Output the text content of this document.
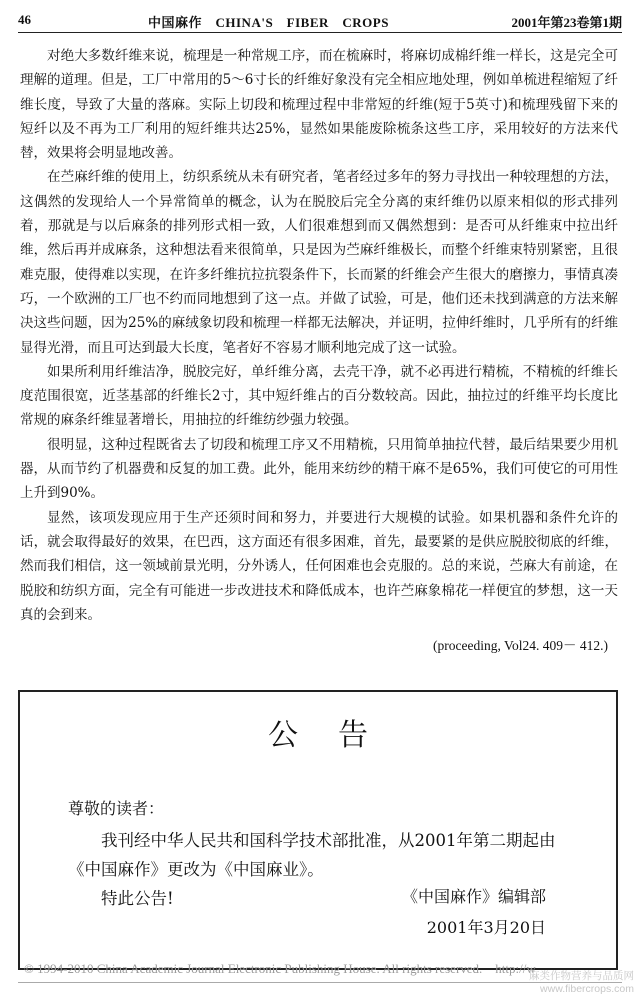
46	中国麻作　CHINA'S　FIBER　CROPS	2001年第23卷第1期

对绝大多数纤维来说，梳理是一种常规工序，而在梳麻时，将麻切成棉纤维一样长，这是完全可理解的道理。但是，工厂中常用的5～6寸长的纤维好象没有完全相应地处理，例如单梳进程缩短了纤维长度，导致了大量的落麻。实际上切段和梳理过程中非常短的纤维(短于5英寸)和梳理残留下来的短纤以及不再为工厂利用的短纤维共达25%，显然如果能废除梳条这些工序，采用较好的方法来代替，效果将会明显地改善。

在苎麻纤维的使用上，纺织系统从未有研究者，笔者经过多年的努力寻找出一种较理想的方法，这偶然的发现给人一个异常简单的概念，认为在脱胶后完全分离的束纤维仍以原来相似的形式排列着，那就是与以后麻条的排列形式相一致，人们很难想到而又偶然想到：是否可从纤维束中拉出纤维，然后再并成麻条，这种想法看来很简单，只是因为苎麻纤维极长，而整个纤维束特别紧密，且很难克服，使得难以实现，在许多纤维抗拉抗裂条件下，长而紧的纤维会产生很大的磨擦力，事情真凑巧，一个欧洲的工厂也不约而同地想到了这一点。并做了试验，可是，他们还未找到满意的方法来解决这些问题，因为25%的麻绒象切段和梳理一样都无法解决，并证明，拉伸纤维时，几乎所有的纤维显得光滑，而且可达到最大长度，笔者好不容易才顺利地完成了这一试验。

如果所利用纤维洁净，脱胶完好，单纤维分离，去壳干净，就不必再进行精梳，不精梳的纤维长度范围很宽，近茎基部的纤维长2寸，其中短纤维占的百分数较高。因此，抽拉过的纤维平均长度比常规的麻条纤维显著增长，用抽拉的纤维纺纱强力较强。

很明显，这种过程既省去了切段和梳理工序又不用精梳，只用简单抽拉代替，最后结果要少用机器，从而节约了机器费和反复的加工费。此外，能用来纺纱的精干麻不是65%，我们可使它的可用性上升到90%。

显然，该项发现应用于生产还须时间和努力，并要进行大规模的试验。如果机器和条件允许的话，就会取得最好的效果，在巴西，这方面还有很多困难，首先，最要紧的是供应脱胶彻底的纤维，然而我们相信，这一领域前景光明，分外诱人，任何困难也会克服的。总的来说，苎麻大有前途，在脱胶和纺织方面，完全有可能进一步改进技术和降低成本，也许苎麻象棉花一样便宜的梦想，这一天真的会到来。

(proceeding, Vol24. 409－ 412.)
公告
尊敬的读者：
我刊经中华人民共和国科学技术部批准，从2001年第二期起由《中国麻作》更改为《中国麻业》。
特此公告!	《中国麻作》编辑部
2001年3月20日
© 1994-2010 China Academic Journal Electronic Publishing House. All rights reserved.　http://w
麻类作物营养与品质网
www.fibercrops.com
